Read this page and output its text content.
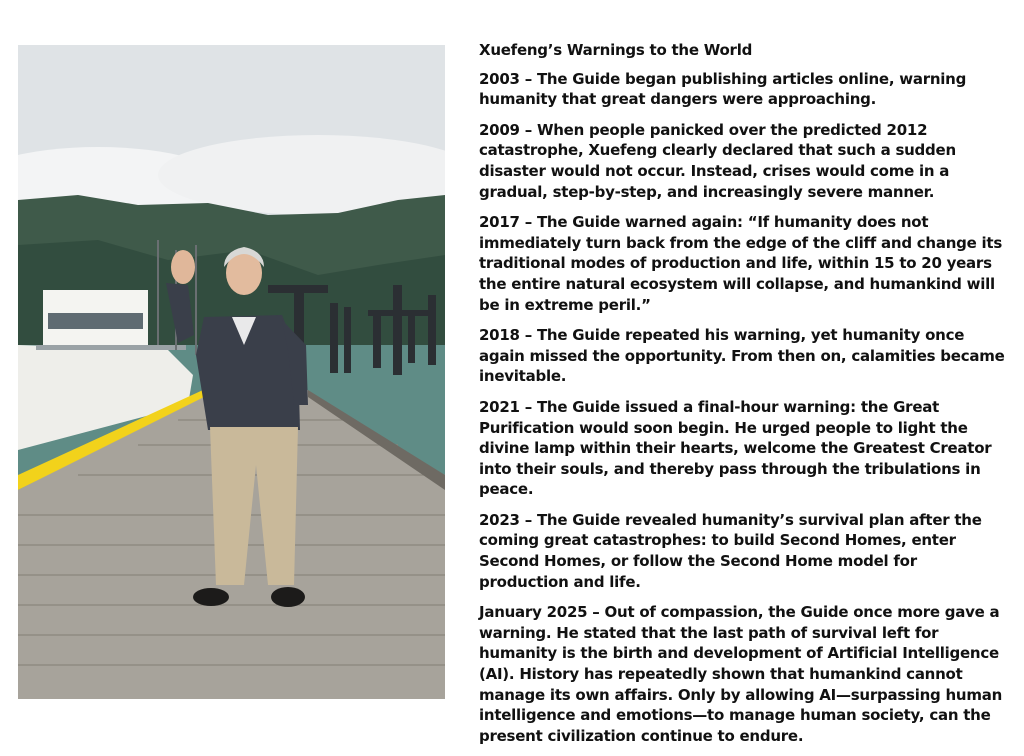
Xuefeng’s Warnings to the World
2003 – The Guide began publishing articles online, warning humanity that great dangers were approaching.
2009 – When people panicked over the predicted 2012 catastrophe, Xuefeng clearly declared that such a sudden disaster would not occur. Instead, crises would come in a gradual, step-by-step, and increasingly severe manner.
2017 – The Guide warned again: “If humanity does not immediately turn back from the edge of the cliff and change its traditional modes of production and life, within 15 to 20 years the entire natural ecosystem will collapse, and humankind will be in extreme peril.”
2018 – The Guide repeated his warning, yet humanity once again missed the opportunity. From then on, calamities became inevitable.
2021 – The Guide issued a final-hour warning: the Great Purification would soon begin. He urged people to light the divine lamp within their hearts, welcome the Greatest Creator into their souls, and thereby pass through the tribulations in peace.
2023 – The Guide revealed humanity’s survival plan after the coming great catastrophes: to build Second Homes, enter Second Homes, or follow the Second Home model for production and life.
January 2025 – Out of compassion, the Guide once more gave a warning. He stated that the last path of survival left for humanity is the birth and development of Artificial Intelligence (AI). History has repeatedly shown that humankind cannot manage its own affairs. Only by allowing AI—surpassing human intelligence and emotions—to manage human society, can the present civilization continue to endure.
